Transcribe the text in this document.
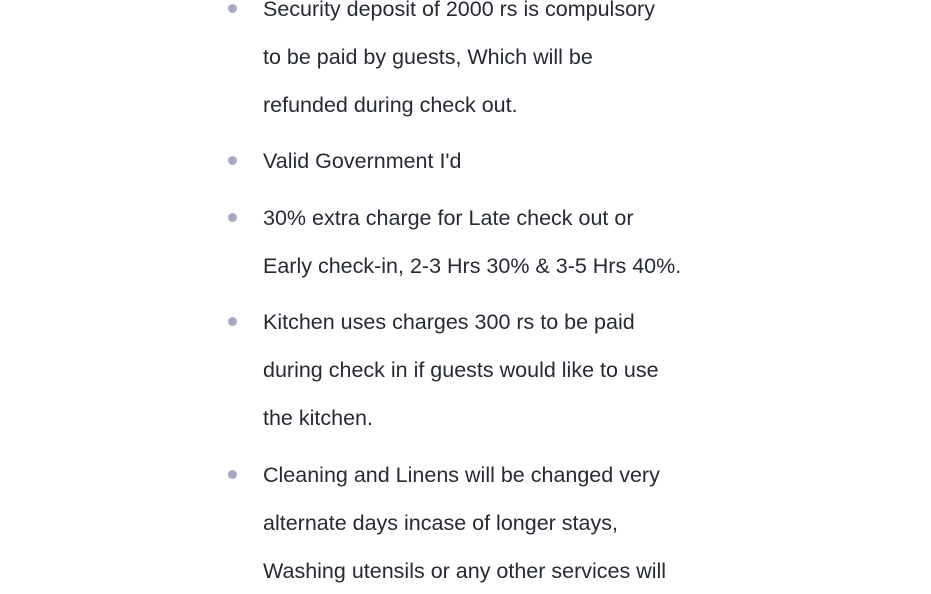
Security deposit of 2000 rs is compulsory
to be paid by guests, Which will be
refunded during check out.

Valid Government I'd

30% extra charge for Late check out or
Early check-in, 2-3 Hrs 30% & 3-5 Hrs 40%.

Kitchen uses charges 300 rs to be paid
during check in if guests would like to use
the kitchen.

Cleaning and Linens will be changed very
alternate days incase of longer stays,
Washing utensils or any other services will
